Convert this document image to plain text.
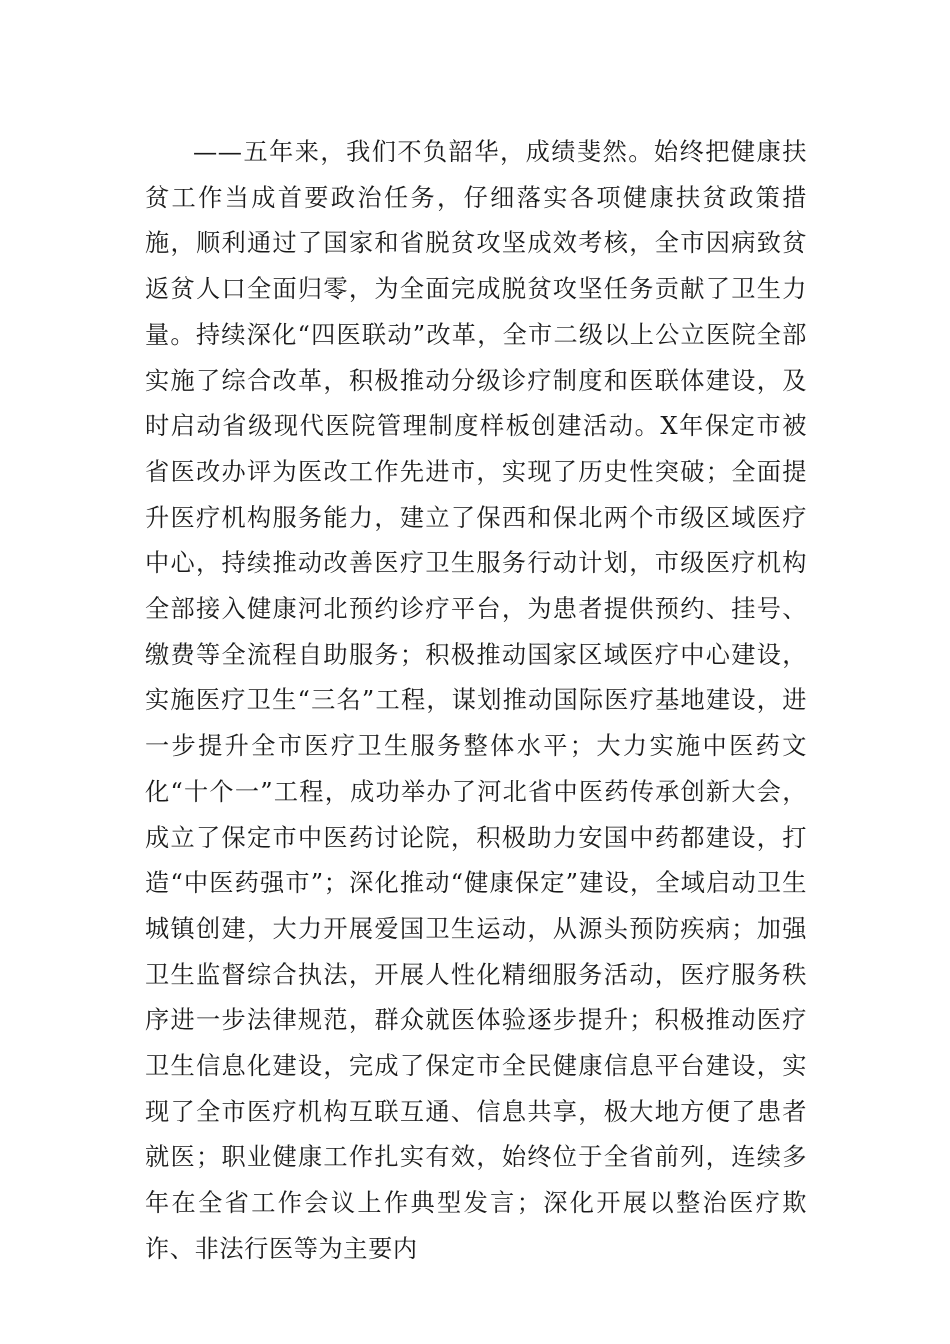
——五年来，我们不负韶华，成绩斐然。始终把健康扶贫工作当成首要政治任务，仔细落实各项健康扶贫政策措施，顺利通过了国家和省脱贫攻坚成效考核，全市因病致贫返贫人口全面归零，为全面完成脱贫攻坚任务贡献了卫生力量。持续深化“四医联动”改革，全市二级以上公立医院全部实施了综合改革，积极推动分级诊疗制度和医联体建设，及时启动省级现代医院管理制度样板创建活动。X年保定市被省医改办评为医改工作先进市，实现了历史性突破；全面提升医疗机构服务能力，建立了保西和保北两个市级区域医疗中心，持续推动改善医疗卫生服务行动计划，市级医疗机构全部接入健康河北预约诊疗平台，为患者提供预约、挂号、缴费等全流程自助服务；积极推动国家区域医疗中心建设，实施医疗卫生“三名”工程，谋划推动国际医疗基地建设，进一步提升全市医疗卫生服务整体水平；大力实施中医药文化“十个一”工程，成功举办了河北省中医药传承创新大会，成立了保定市中医药讨论院，积极助力安国中药都建设，打造“中医药强市”；深化推动“健康保定”建设，全域启动卫生城镇创建，大力开展爱国卫生运动，从源头预防疾病；加强卫生监督综合执法，开展人性化精细服务活动，医疗服务秩序进一步法律规范，群众就医体验逐步提升；积极推动医疗卫生信息化建设，完成了保定市全民健康信息平台建设，实现了全市医疗机构互联互通、信息共享，极大地方便了患者就医；职业健康工作扎实有效，始终位于全省前列，连续多年在全省工作会议上作典型发言；深化开展以整治医疗欺诈、非法行医等为主要内
